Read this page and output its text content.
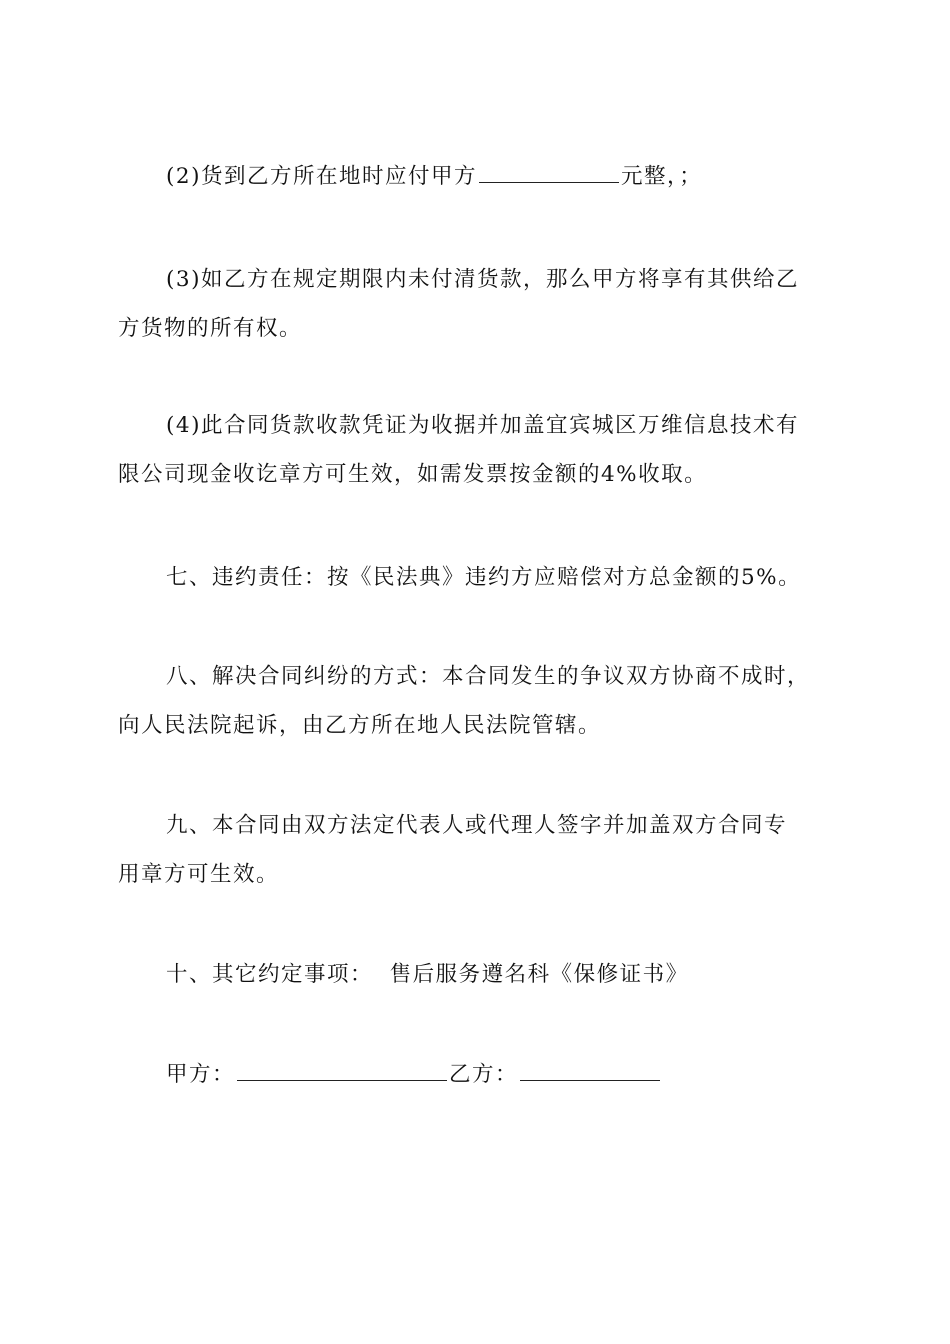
(2)货到乙方所在地时应付甲方	元整，；

(3)如乙方在规定期限内未付清货款，那么甲方将享有其供给乙
方货物的所有权。

(4)此合同货款收款凭证为收据并加盖宜宾城区万维信息技术有
限公司现金收讫章方可生效，如需发票按金额的4%收取。

七、违约责任：按《民法典》违约方应赔偿对方总金额的5%。

八、解决合同纠纷的方式：本合同发生的争议双方协商不成时，
向人民法院起诉，由乙方所在地人民法院管辖。

九、本合同由双方法定代表人或代理人签字并加盖双方合同专
用章方可生效。

十、其它约定事项：  售后服务遵名科《保修证书》

甲方：	乙方：
